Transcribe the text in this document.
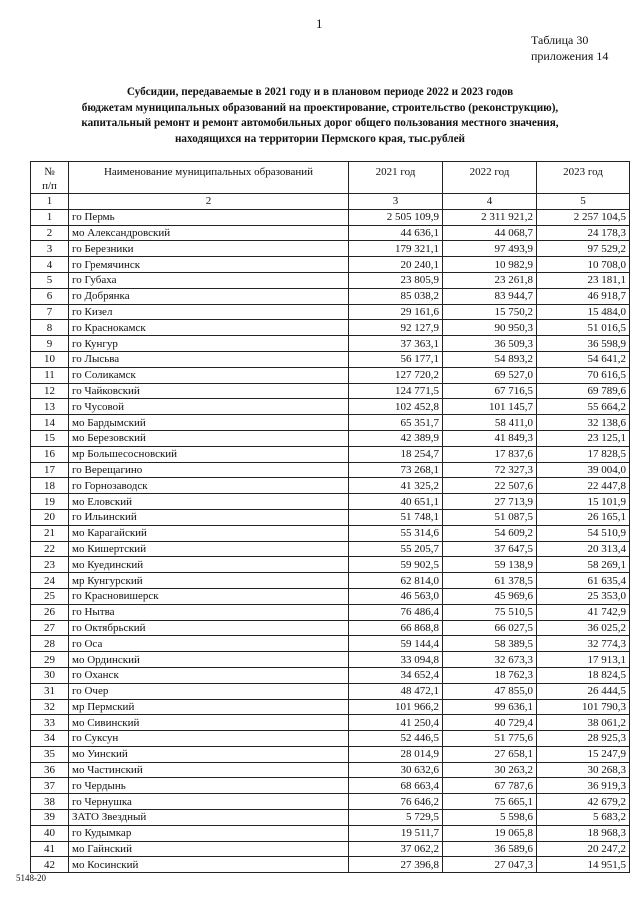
1
Таблица 30
приложения 14
Субсидии, передаваемые в 2021 году и в плановом периоде 2022 и 2023 годов
бюджетам муниципальных образований на проектирование, строительство (реконструкцию),
капитальный ремонт и ремонт автомобильных дорог общего пользования местного значения,
находящихся на территории Пермского края, тыс.рублей
№
п/п	Наименование муниципальных образований	2021 год	2022 год	2023 год
1	2	3	4	5
1	го Пермь	2 505 109,9	2 311 921,2	2 257 104,5
2	мо Александровский	44 636,1	44 068,7	24 178,3
3	го Березники	179 321,1	97 493,9	97 529,2
4	го Гремячинск	20 240,1	10 982,9	10 708,0
5	го Губаха	23 805,9	23 261,8	23 181,1
6	го Добрянка	85 038,2	83 944,7	46 918,7
7	го Кизел	29 161,6	15 750,2	15 484,0
8	го Краснокамск	92 127,9	90 950,3	51 016,5
9	го Кунгур	37 363,1	36 509,3	36 598,9
10	го Лысьва	56 177,1	54 893,2	54 641,2
11	го Соликамск	127 720,2	69 527,0	70 616,5
12	го Чайковский	124 771,5	67 716,5	69 789,6
13	го Чусовой	102 452,8	101 145,7	55 664,2
14	мо Бардымский	65 351,7	58 411,0	32 138,6
15	мо Березовский	42 389,9	41 849,3	23 125,1
16	мр Большесосновский	18 254,7	17 837,6	17 828,5
17	го Верещагино	73 268,1	72 327,3	39 004,0
18	го Горнозаводск	41 325,2	22 507,6	22 447,8
19	мо Еловский	40 651,1	27 713,9	15 101,9
20	го Ильинский	51 748,1	51 087,5	26 165,1
21	мо Карагайский	55 314,6	54 609,2	54 510,9
22	мо Кишертский	55 205,7	37 647,5	20 313,4
23	мо Куединский	59 902,5	59 138,9	58 269,1
24	мр Кунгурский	62 814,0	61 378,5	61 635,4
25	го Красновишерск	46 563,0	45 969,6	25 353,0
26	го Нытва	76 486,4	75 510,5	41 742,9
27	го Октябрьский	66 868,8	66 027,5	36 025,2
28	го Оса	59 144,4	58 389,5	32 774,3
29	мо Ординский	33 094,8	32 673,3	17 913,1
30	го Оханск	34 652,4	18 762,3	18 824,5
31	го Очер	48 472,1	47 855,0	26 444,5
32	мр Пермский	101 966,2	99 636,1	101 790,3
33	мо Сивинский	41 250,4	40 729,4	38 061,2
34	го Суксун	52 446,5	51 775,6	28 925,3
35	мо Уинский	28 014,9	27 658,1	15 247,9
36	мо Частинский	30 632,6	30 263,2	30 268,3
37	го Чердынь	68 663,4	67 787,6	36 919,3
38	го Чернушка	76 646,2	75 665,1	42 679,2
39	ЗАТО Звездный	5 729,5	5 598,6	5 683,2
40	го Кудымкар	19 511,7	19 065,8	18 968,3
41	мо Гайнский	37 062,2	36 589,6	20 247,2
42	мо Косинский	27 396,8	27 047,3	14 951,5
5148-20
